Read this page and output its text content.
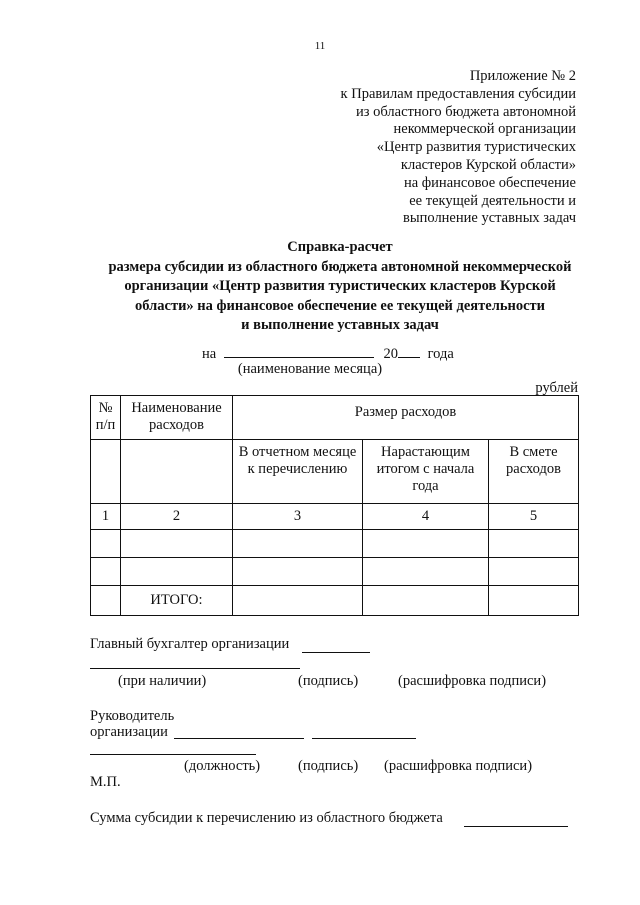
11
Приложение № 2
к Правилам предоставления субсидии
из областного бюджета автономной
некоммерческой организации
«Центр развития туристических
кластеров Курской области»
на финансовое обеспечение
ее текущей деятельности и
выполнение уставных задач
Справка-расчет
размера субсидии из областного бюджета автономной некоммерческой
организации «Центр развития туристических кластеров Курской
области» на финансовое обеспечение ее текущей деятельности
и выполнение уставных задач
на	20 года
(наименование месяца)
рублей
№ п/п	Наименование расходов	Размер расходов		
		В отчетном месяце к перечислению	Нарастающим итогом с начала года	В смете расходов
1	2	3	4	5

	ИТОГО:			
Главный бухгалтер организации
(при наличии)	(подпись)	(расшифровка подписи)
Руководитель
организации
(должность)	(подпись) (расшифровка подписи)
М.П.
Сумма субсидии к перечислению из областного бюджета
